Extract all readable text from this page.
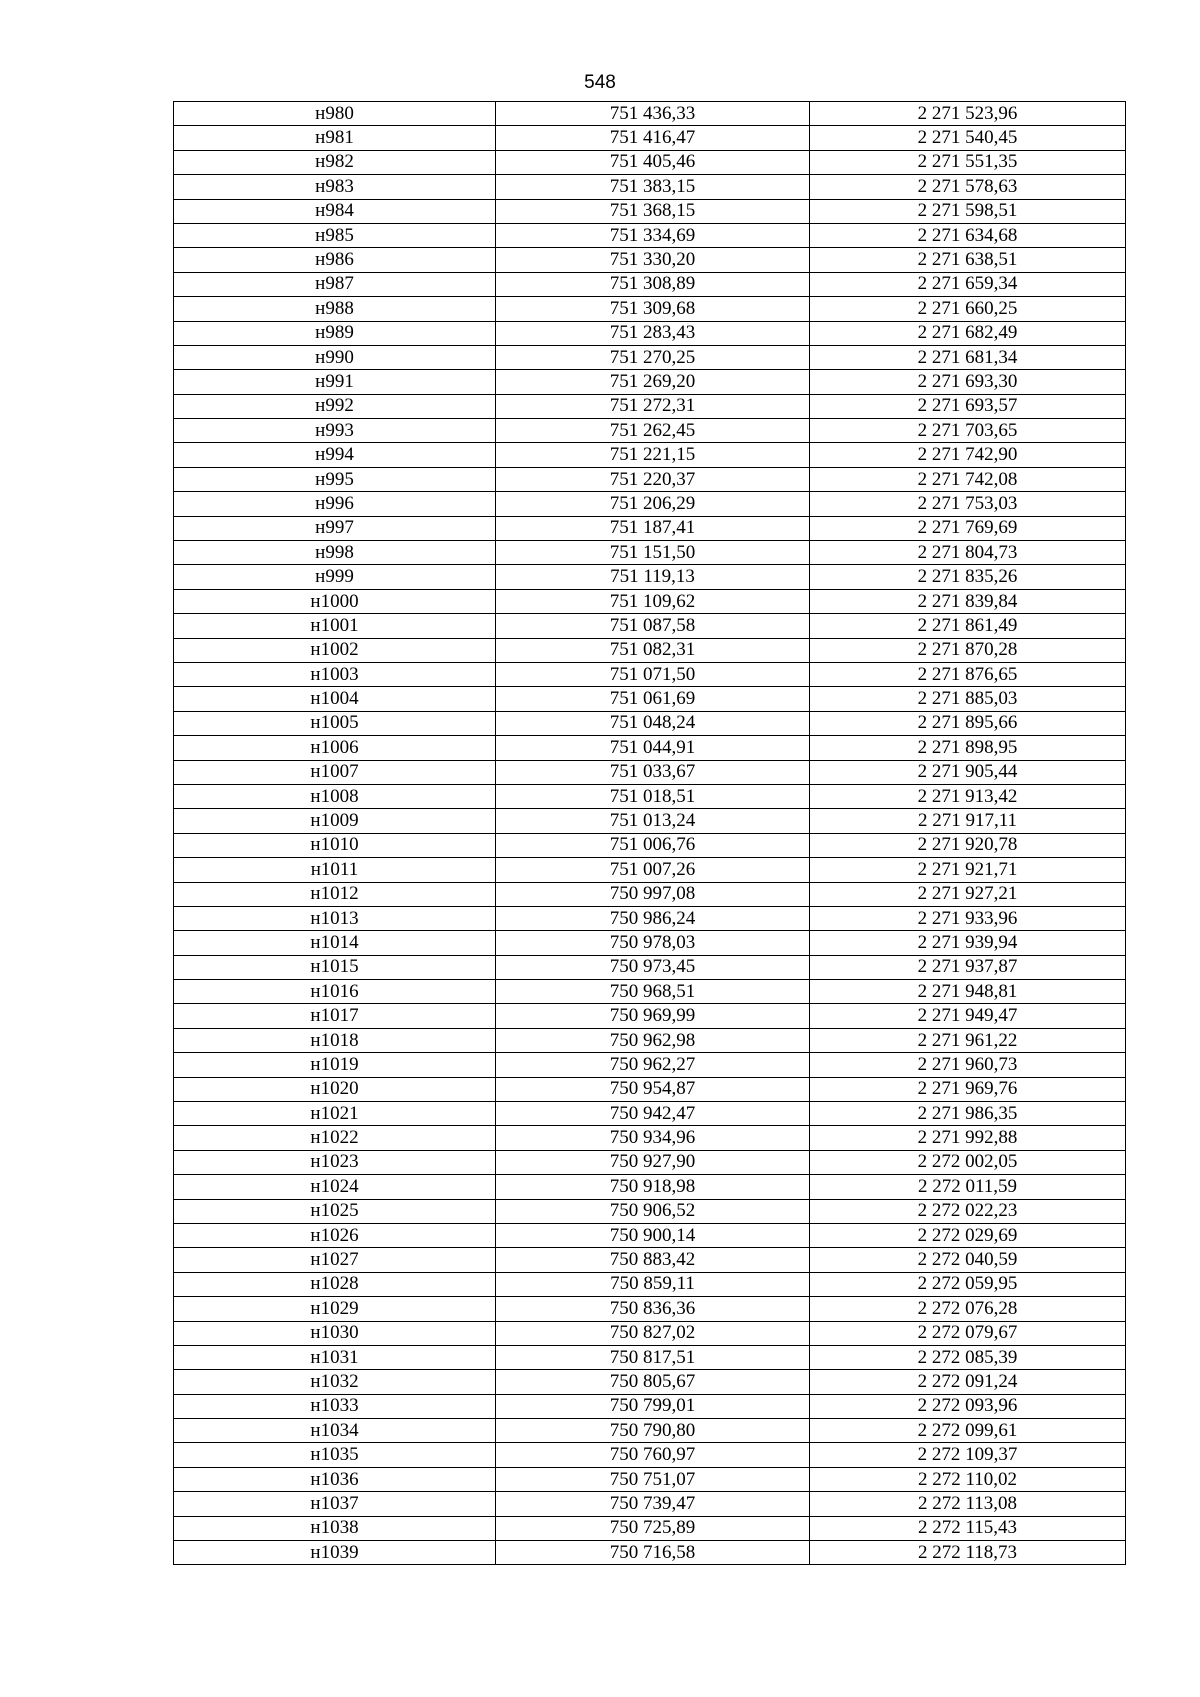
548
н980	751 436,33	2 271 523,96
н981	751 416,47	2 271 540,45
н982	751 405,46	2 271 551,35
н983	751 383,15	2 271 578,63
н984	751 368,15	2 271 598,51
н985	751 334,69	2 271 634,68
н986	751 330,20	2 271 638,51
н987	751 308,89	2 271 659,34
н988	751 309,68	2 271 660,25
н989	751 283,43	2 271 682,49
н990	751 270,25	2 271 681,34
н991	751 269,20	2 271 693,30
н992	751 272,31	2 271 693,57
н993	751 262,45	2 271 703,65
н994	751 221,15	2 271 742,90
н995	751 220,37	2 271 742,08
н996	751 206,29	2 271 753,03
н997	751 187,41	2 271 769,69
н998	751 151,50	2 271 804,73
н999	751 119,13	2 271 835,26
н1000	751 109,62	2 271 839,84
н1001	751 087,58	2 271 861,49
н1002	751 082,31	2 271 870,28
н1003	751 071,50	2 271 876,65
н1004	751 061,69	2 271 885,03
н1005	751 048,24	2 271 895,66
н1006	751 044,91	2 271 898,95
н1007	751 033,67	2 271 905,44
н1008	751 018,51	2 271 913,42
н1009	751 013,24	2 271 917,11
н1010	751 006,76	2 271 920,78
н1011	751 007,26	2 271 921,71
н1012	750 997,08	2 271 927,21
н1013	750 986,24	2 271 933,96
н1014	750 978,03	2 271 939,94
н1015	750 973,45	2 271 937,87
н1016	750 968,51	2 271 948,81
н1017	750 969,99	2 271 949,47
н1018	750 962,98	2 271 961,22
н1019	750 962,27	2 271 960,73
н1020	750 954,87	2 271 969,76
н1021	750 942,47	2 271 986,35
н1022	750 934,96	2 271 992,88
н1023	750 927,90	2 272 002,05
н1024	750 918,98	2 272 011,59
н1025	750 906,52	2 272 022,23
н1026	750 900,14	2 272 029,69
н1027	750 883,42	2 272 040,59
н1028	750 859,11	2 272 059,95
н1029	750 836,36	2 272 076,28
н1030	750 827,02	2 272 079,67
н1031	750 817,51	2 272 085,39
н1032	750 805,67	2 272 091,24
н1033	750 799,01	2 272 093,96
н1034	750 790,80	2 272 099,61
н1035	750 760,97	2 272 109,37
н1036	750 751,07	2 272 110,02
н1037	750 739,47	2 272 113,08
н1038	750 725,89	2 272 115,43
н1039	750 716,58	2 272 118,73
